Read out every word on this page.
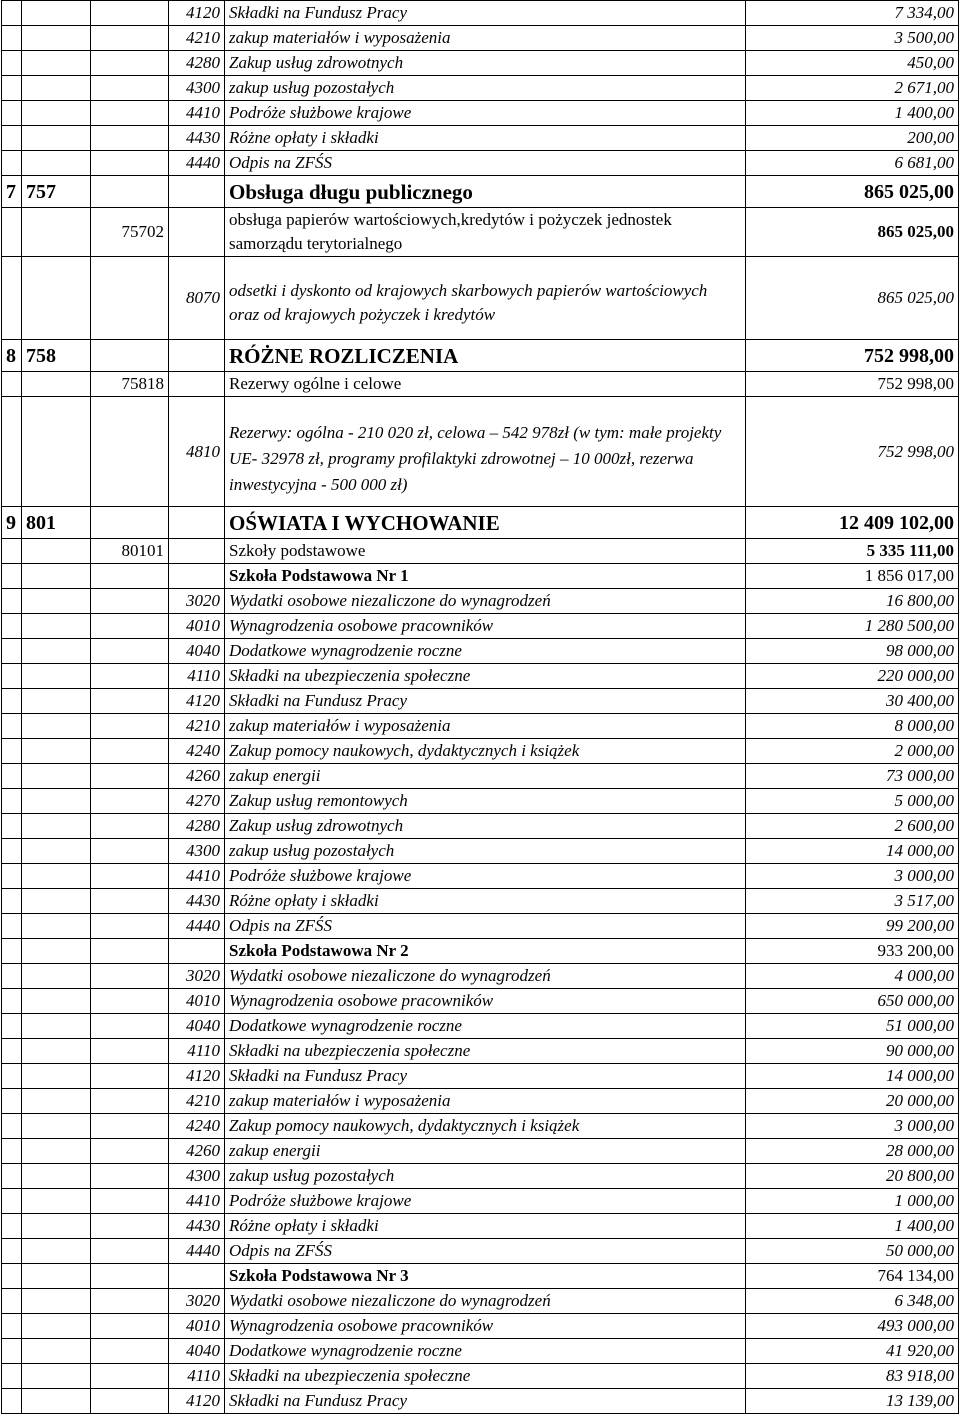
			4120	Składki na Fundusz Pracy	7 334,00
			4210	zakup materiałów i wyposażenia	3 500,00
			4280	Zakup usług zdrowotnych	450,00
			4300	zakup usług pozostałych	2 671,00
			4410	Podróże służbowe krajowe	1 400,00
			4430	Różne opłaty i składki	200,00
			4440	Odpis na ZFŚS	6 681,00
7	757			Obsługa długu publicznego	865 025,00
		75702		obsługa papierów wartościowych,kredytów i pożyczek jednostek samorządu terytorialnego	865 025,00
			8070	odsetki i dyskonto od krajowych skarbowych papierów wartościowych oraz od krajowych pożyczek i kredytów	865 025,00
8	758			RÓŻNE ROZLICZENIA	752 998,00
		75818		Rezerwy ogólne i celowe	752 998,00
			4810	Rezerwy: ogólna - 210 020 zł, celowa – 542 978zł (w tym: małe projekty UE- 32978 zł, programy profilaktyki zdrowotnej – 10 000zł, rezerwa inwestycyjna - 500 000 zł)	752 998,00
9	801			OŚWIATA I WYCHOWANIE	12 409 102,00
		80101		Szkoły podstawowe	5 335 111,00
				Szkoła Podstawowa Nr 1	1 856 017,00
			3020	Wydatki osobowe niezaliczone do wynagrodzeń	16 800,00
			4010	Wynagrodzenia osobowe pracowników	1 280 500,00
			4040	Dodatkowe wynagrodzenie roczne	98 000,00
			4110	Składki na ubezpieczenia społeczne	220 000,00
			4120	Składki na Fundusz Pracy	30 400,00
			4210	zakup materiałów i wyposażenia	8 000,00
			4240	Zakup pomocy naukowych, dydaktycznych i książek	2 000,00
			4260	zakup energii	73 000,00
			4270	Zakup usług remontowych	5 000,00
			4280	Zakup usług zdrowotnych	2 600,00
			4300	zakup usług pozostałych	14 000,00
			4410	Podróże służbowe krajowe	3 000,00
			4430	Różne opłaty i składki	3 517,00
			4440	Odpis na ZFŚS	99 200,00
				Szkoła Podstawowa Nr 2	933 200,00
			3020	Wydatki osobowe niezaliczone do wynagrodzeń	4 000,00
			4010	Wynagrodzenia osobowe pracowników	650 000,00
			4040	Dodatkowe wynagrodzenie roczne	51 000,00
			4110	Składki na ubezpieczenia społeczne	90 000,00
			4120	Składki na Fundusz Pracy	14 000,00
			4210	zakup materiałów i wyposażenia	20 000,00
			4240	Zakup pomocy naukowych, dydaktycznych i książek	3 000,00
			4260	zakup energii	28 000,00
			4300	zakup usług pozostałych	20 800,00
			4410	Podróże służbowe krajowe	1 000,00
			4430	Różne opłaty i składki	1 400,00
			4440	Odpis na ZFŚS	50 000,00
				Szkoła Podstawowa Nr 3	764 134,00
			3020	Wydatki osobowe niezaliczone do wynagrodzeń	6 348,00
			4010	Wynagrodzenia osobowe pracowników	493 000,00
			4040	Dodatkowe wynagrodzenie roczne	41 920,00
			4110	Składki na ubezpieczenia społeczne	83 918,00
			4120	Składki na Fundusz Pracy	13 139,00
